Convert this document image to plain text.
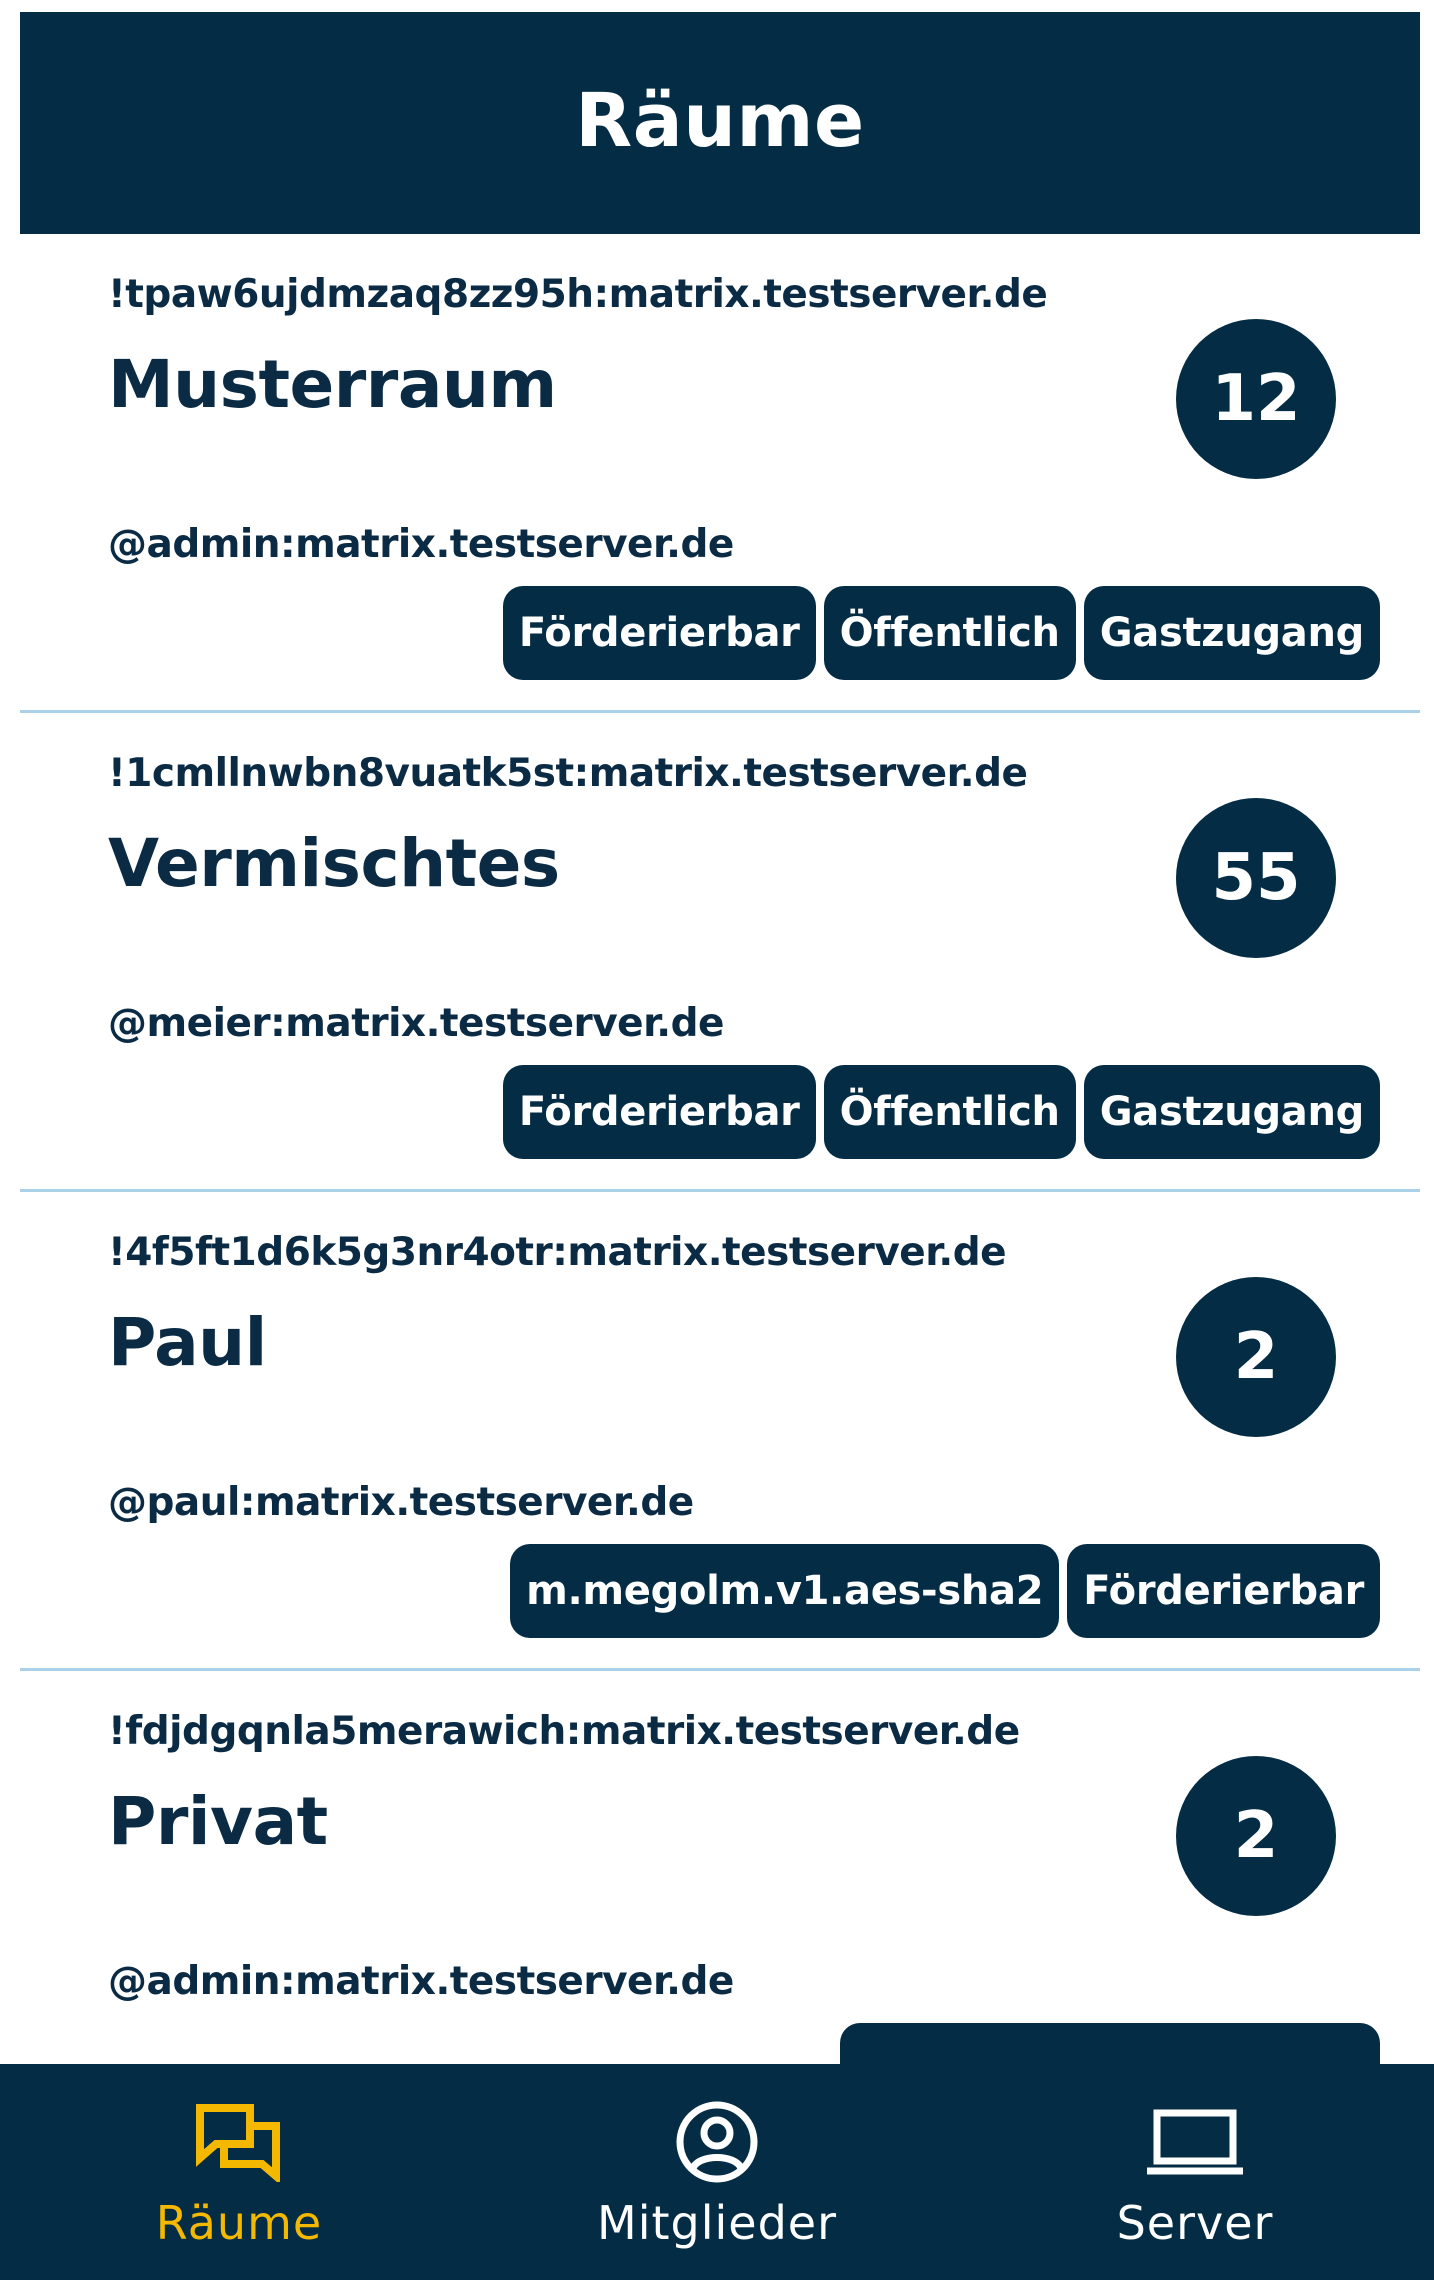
Räume
!tpaw6ujdmzaq8zz95h:matrix.testserver.de
Musterraum	12
@admin:matrix.testserver.de
Förderierbar	Öffentlich	Gastzugang
!1cmllnwbn8vuatk5st:matrix.testserver.de
Vermischtes	55
@meier:matrix.testserver.de
Förderierbar	Öffentlich	Gastzugang
!4f5ft1d6k5g3nr4otr:matrix.testserver.de
Paul	2
@paul:matrix.testserver.de
m.megolm.v1.aes-sha2	Förderierbar
!fdjdgqnla5merawich:matrix.testserver.de
Privat	2
@admin:matrix.testserver.de
Räume	Mitglieder	Server
